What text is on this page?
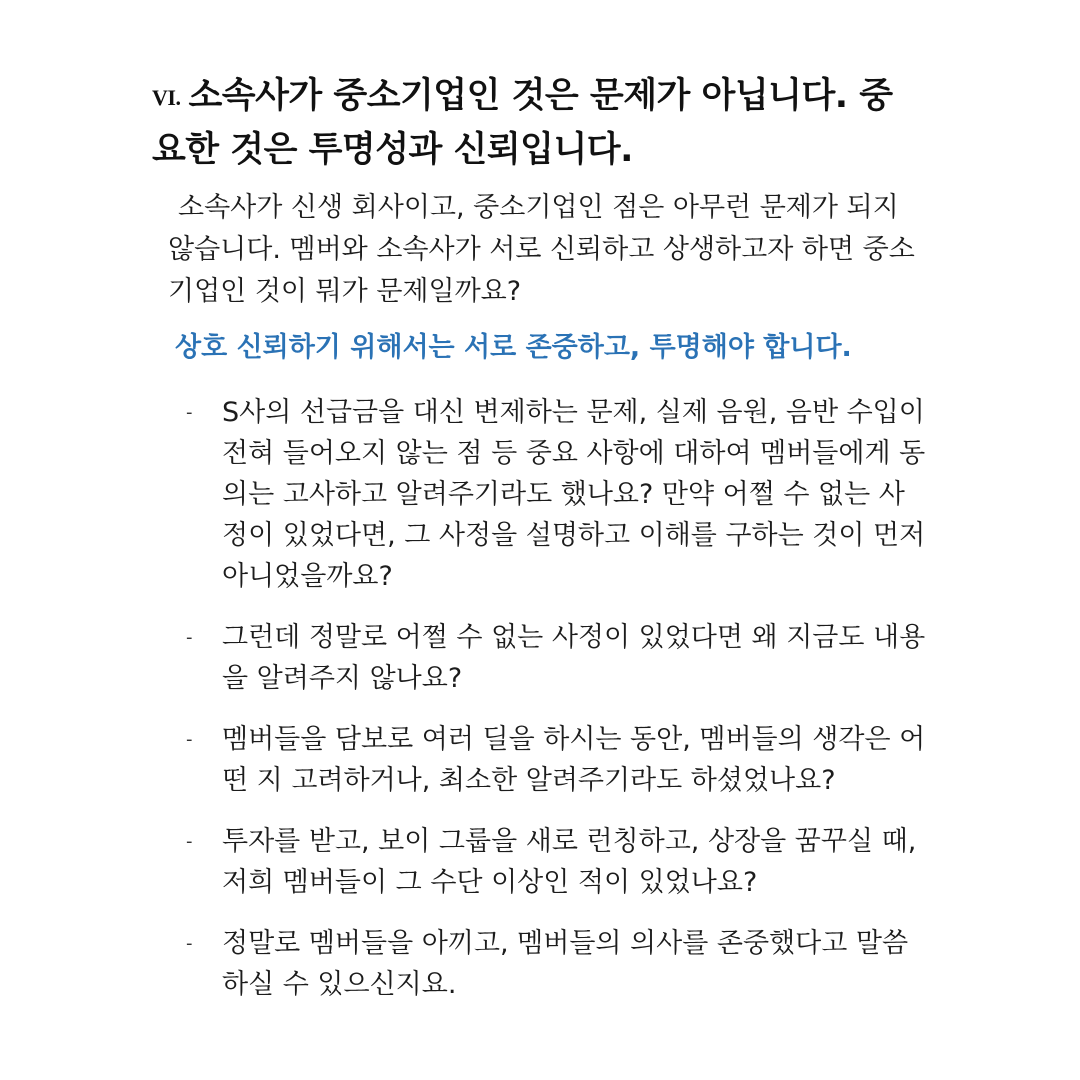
VI. 소속사가 중소기업인 것은 문제가 아닙니다. 중요한 것은 투명성과 신뢰입니다.

소속사가 신생 회사이고, 중소기업인 점은 아무런 문제가 되지 않습니다. 멤버와 소속사가 서로 신뢰하고 상생하고자 하면 중소기업인 것이 뭐가 문제일까요?

상호 신뢰하기 위해서는 서로 존중하고, 투명해야 합니다.

- S사의 선급금을 대신 변제하는 문제, 실제 음원, 음반 수입이 전혀 들어오지 않는 점 등 중요 사항에 대하여 멤버들에게 동의는 고사하고 알려주기라도 했나요? 만약 어쩔 수 없는 사정이 있었다면, 그 사정을 설명하고 이해를 구하는 것이 먼저 아니었을까요?
- 그런데 정말로 어쩔 수 없는 사정이 있었다면 왜 지금도 내용을 알려주지 않나요?
- 멤버들을 담보로 여러 딜을 하시는 동안, 멤버들의 생각은 어떤 지 고려하거나, 최소한 알려주기라도 하셨었나요?
- 투자를 받고, 보이 그룹을 새로 런칭하고, 상장을 꿈꾸실 때, 저희 멤버들이 그 수단 이상인 적이 있었나요?
- 정말로 멤버들을 아끼고, 멤버들의 의사를 존중했다고 말씀하실 수 있으신지요.
